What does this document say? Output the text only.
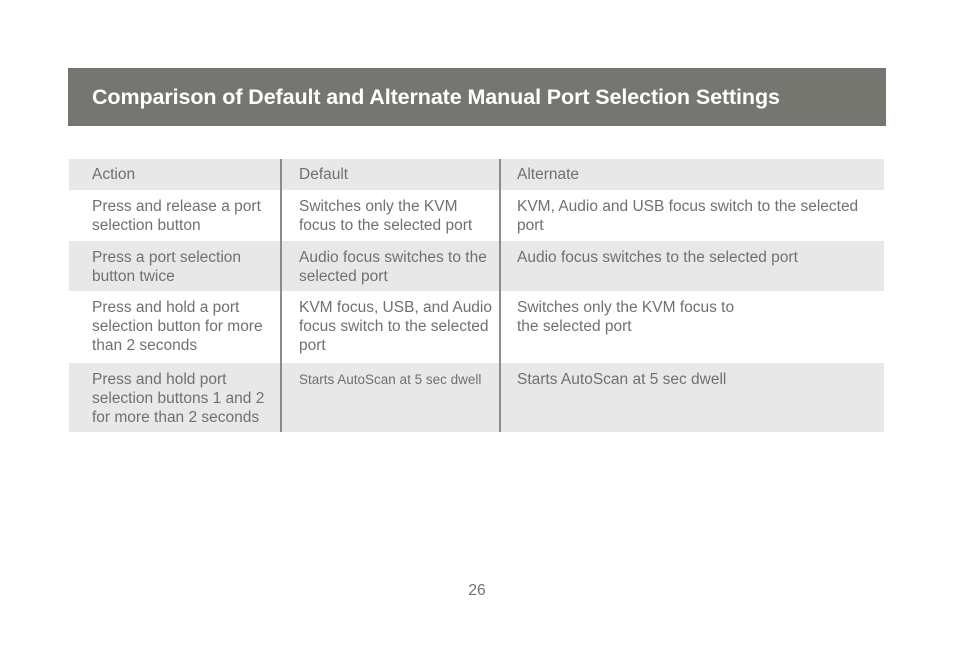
Comparison of Default and Alternate Manual Port Selection Settings
Action	Default	Alternate
Press and release a port selection button	Switches only the KVM focus to the selected port	KVM, Audio and USB focus switch to the selected port
Press a port selection button twice	Audio focus switches to the selected port	Audio focus switches to the selected port
Press and hold a port selection button for more than 2 seconds	KVM focus, USB, and Audio focus switch to the selected port	Switches only the KVM focus to the selected port

Press and hold port selection buttons 1 and 2 for more than 2 seconds	Starts AutoScan at 5 sec dwell	Starts AutoScan at 5 sec dwell
26
